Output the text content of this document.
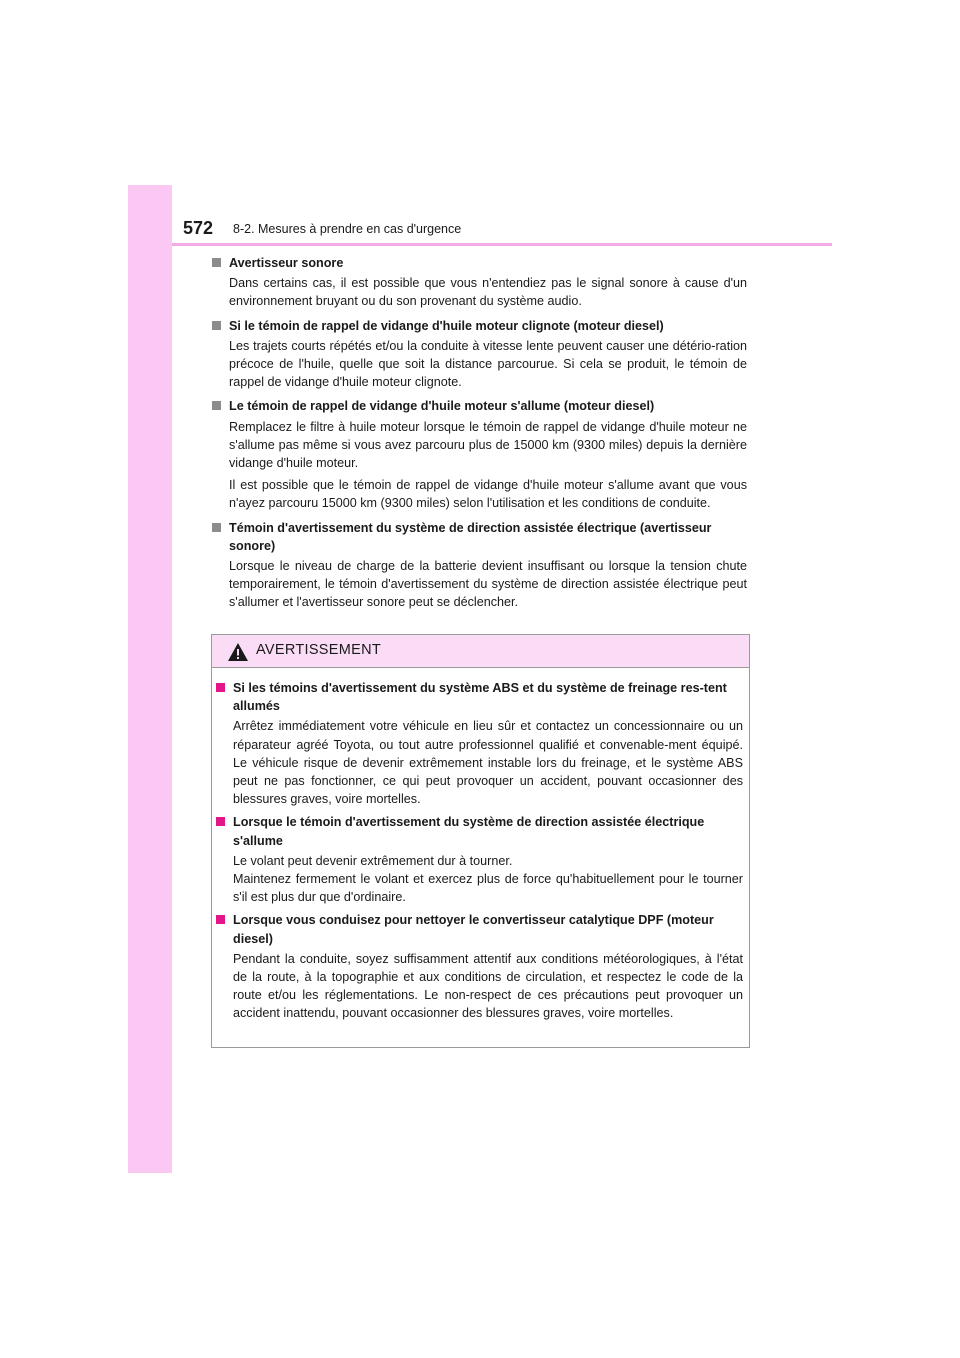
572 8-2. Mesures à prendre en cas d'urgence
Avertisseur sonore
Dans certains cas, il est possible que vous n'entendiez pas le signal sonore à cause d'un environnement bruyant ou du son provenant du système audio.
Si le témoin de rappel de vidange d'huile moteur clignote (moteur diesel)
Les trajets courts répétés et/ou la conduite à vitesse lente peuvent causer une détério-ration précoce de l'huile, quelle que soit la distance parcourue. Si cela se produit, le témoin de rappel de vidange d'huile moteur clignote.
Le témoin de rappel de vidange d'huile moteur s'allume (moteur diesel)
Remplacez le filtre à huile moteur lorsque le témoin de rappel de vidange d'huile moteur ne s'allume pas même si vous avez parcouru plus de 15000 km (9300 miles) depuis la dernière vidange d'huile moteur.
Il est possible que le témoin de rappel de vidange d'huile moteur s'allume avant que vous n'ayez parcouru 15000 km (9300 miles) selon l'utilisation et les conditions de conduite.
Témoin d'avertissement du système de direction assistée électrique (avertisseur sonore)
Lorsque le niveau de charge de la batterie devient insuffisant ou lorsque la tension chute temporairement, le témoin d'avertissement du système de direction assistée électrique peut s'allumer et l'avertisseur sonore peut se déclencher.
AVERTISSEMENT
Si les témoins d'avertissement du système ABS et du système de freinage res-tent allumés
Arrêtez immédiatement votre véhicule en lieu sûr et contactez un concessionnaire ou un réparateur agréé Toyota, ou tout autre professionnel qualifié et convenable-ment équipé. Le véhicule risque de devenir extrêmement instable lors du freinage, et le système ABS peut ne pas fonctionner, ce qui peut provoquer un accident, pouvant occasionner des blessures graves, voire mortelles.
Lorsque le témoin d'avertissement du système de direction assistée électrique s'allume
Le volant peut devenir extrêmement dur à tourner.
Maintenez fermement le volant et exercez plus de force qu'habituellement pour le tourner s'il est plus dur que d'ordinaire.
Lorsque vous conduisez pour nettoyer le convertisseur catalytique DPF (moteur diesel)
Pendant la conduite, soyez suffisamment attentif aux conditions météorologiques, à l'état de la route, à la topographie et aux conditions de circulation, et respectez le code de la route et/ou les réglementations. Le non-respect de ces précautions peut provoquer un accident inattendu, pouvant occasionner des blessures graves, voire mortelles.
